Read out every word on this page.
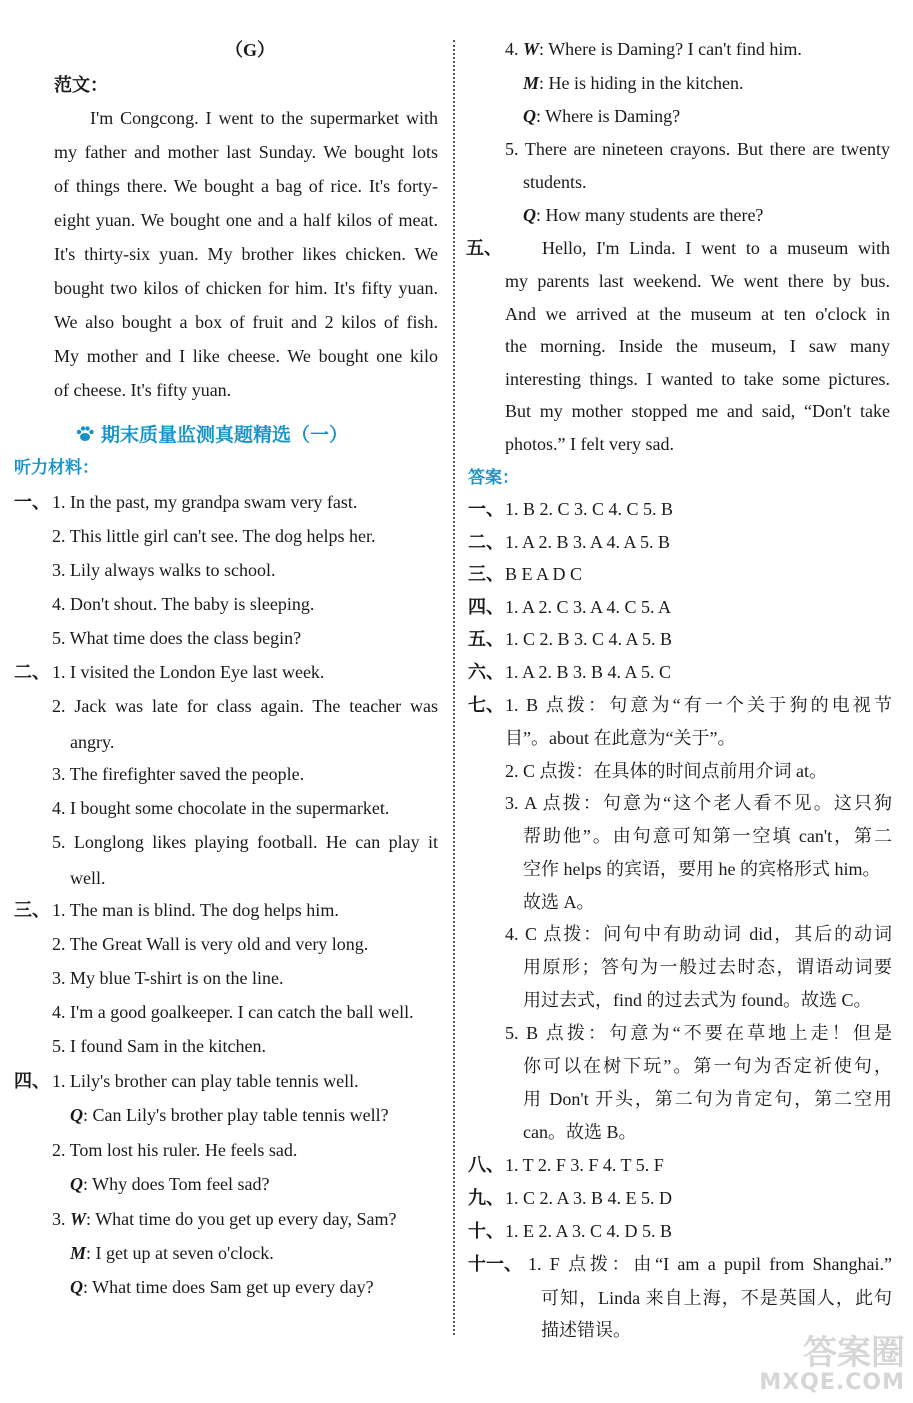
（G）
范文：
I'm Congcong. I went to the supermarket with
my father and mother last Sunday. We bought lots
of things there. We bought a bag of rice. It's forty-
eight yuan. We bought one and a half kilos of meat.
It's thirty-six yuan. My brother likes chicken. We
bought two kilos of chicken for him. It's fifty yuan.
We also bought a box of fruit and 2 kilos of fish.
My mother and I like cheese. We bought one kilo
of cheese. It's fifty yuan.
期末质量监测真题精选（一）
听力材料：
一、 1. In the past, my grandpa swam very fast.
2. This little girl can't see. The dog helps her.
3. Lily always walks to school.
4. Don't shout. The baby is sleeping.
5. What time does the class begin?
二、 1. I visited the London Eye last week.
2. Jack was late for class again. The teacher was
angry.
3. The firefighter saved the people.
4. I bought some chocolate in the supermarket.
5. Longlong likes playing football. He can play it
well.
三、 1. The man is blind. The dog helps him.
2. The Great Wall is very old and very long.
3. My blue T-shirt is on the line.
4. I'm a good goalkeeper. I can catch the ball well.
5. I found Sam in the kitchen.
四、 1. Lily's brother can play table tennis well.
Q: Can Lily's brother play table tennis well?
2. Tom lost his ruler. He feels sad.
Q: Why does Tom feel sad?
3. W: What time do you get up every day, Sam?
M: I get up at seven o'clock.
Q: What time does Sam get up every day?
4. W: Where is Daming? I can't find him.
M: He is hiding in the kitchen.
Q: Where is Daming?
5. There are nineteen crayons. But there are twenty
students.
Q: How many students are there?
五、 Hello, I'm Linda. I went to a museum with
my parents last weekend. We went there by bus.
And we arrived at the museum at ten o'clock in
the morning. Inside the museum, I saw many
interesting things. I wanted to take some pictures.
But my mother stopped me and said, “Don't take
photos.” I felt very sad.
答案：
一、 1. B 2. C 3. C 4. C 5. B
二、 1. A 2. B 3. A 4. A 5. B
三、 B E A D C
四、 1. A 2. C 3. A 4. C 5. A
五、 1. C 2. B 3. C 4. A 5. B
六、 1. A 2. B 3. B 4. A 5. C
七、 1. B 点拨：句意为“有一个关于狗的电视节
目”。about 在此意为“关于”。
2. C 点拨：在具体的时间点前用介词 at。
3. A 点拨：句意为“这个老人看不见。这只狗
帮助他”。由句意可知第一空填 can't，第二
空作 helps 的宾语，要用 he 的宾格形式 him。
故选 A。
4. C 点拨：问句中有助动词 did，其后的动词
用原形；答句为一般过去时态，谓语动词要
用过去式，find 的过去式为 found。故选 C。
5. B 点拨：句意为“不要在草地上走！但是
你可以在树下玩”。第一句为否定祈使句，
用 Don't 开头，第二句为肯定句，第二空用
can。故选 B。
八、 1. T 2. F 3. F 4. T 5. F
九、 1. C 2. A 3. B 4. E 5. D
十、 1. E 2. A 3. C 4. D 5. B
十一、 1. F 点拨：由“I am a pupil from Shanghai.”
可知，Linda 来自上海，不是英国人，此句
描述错误。
答案圈
MXQE.COM
